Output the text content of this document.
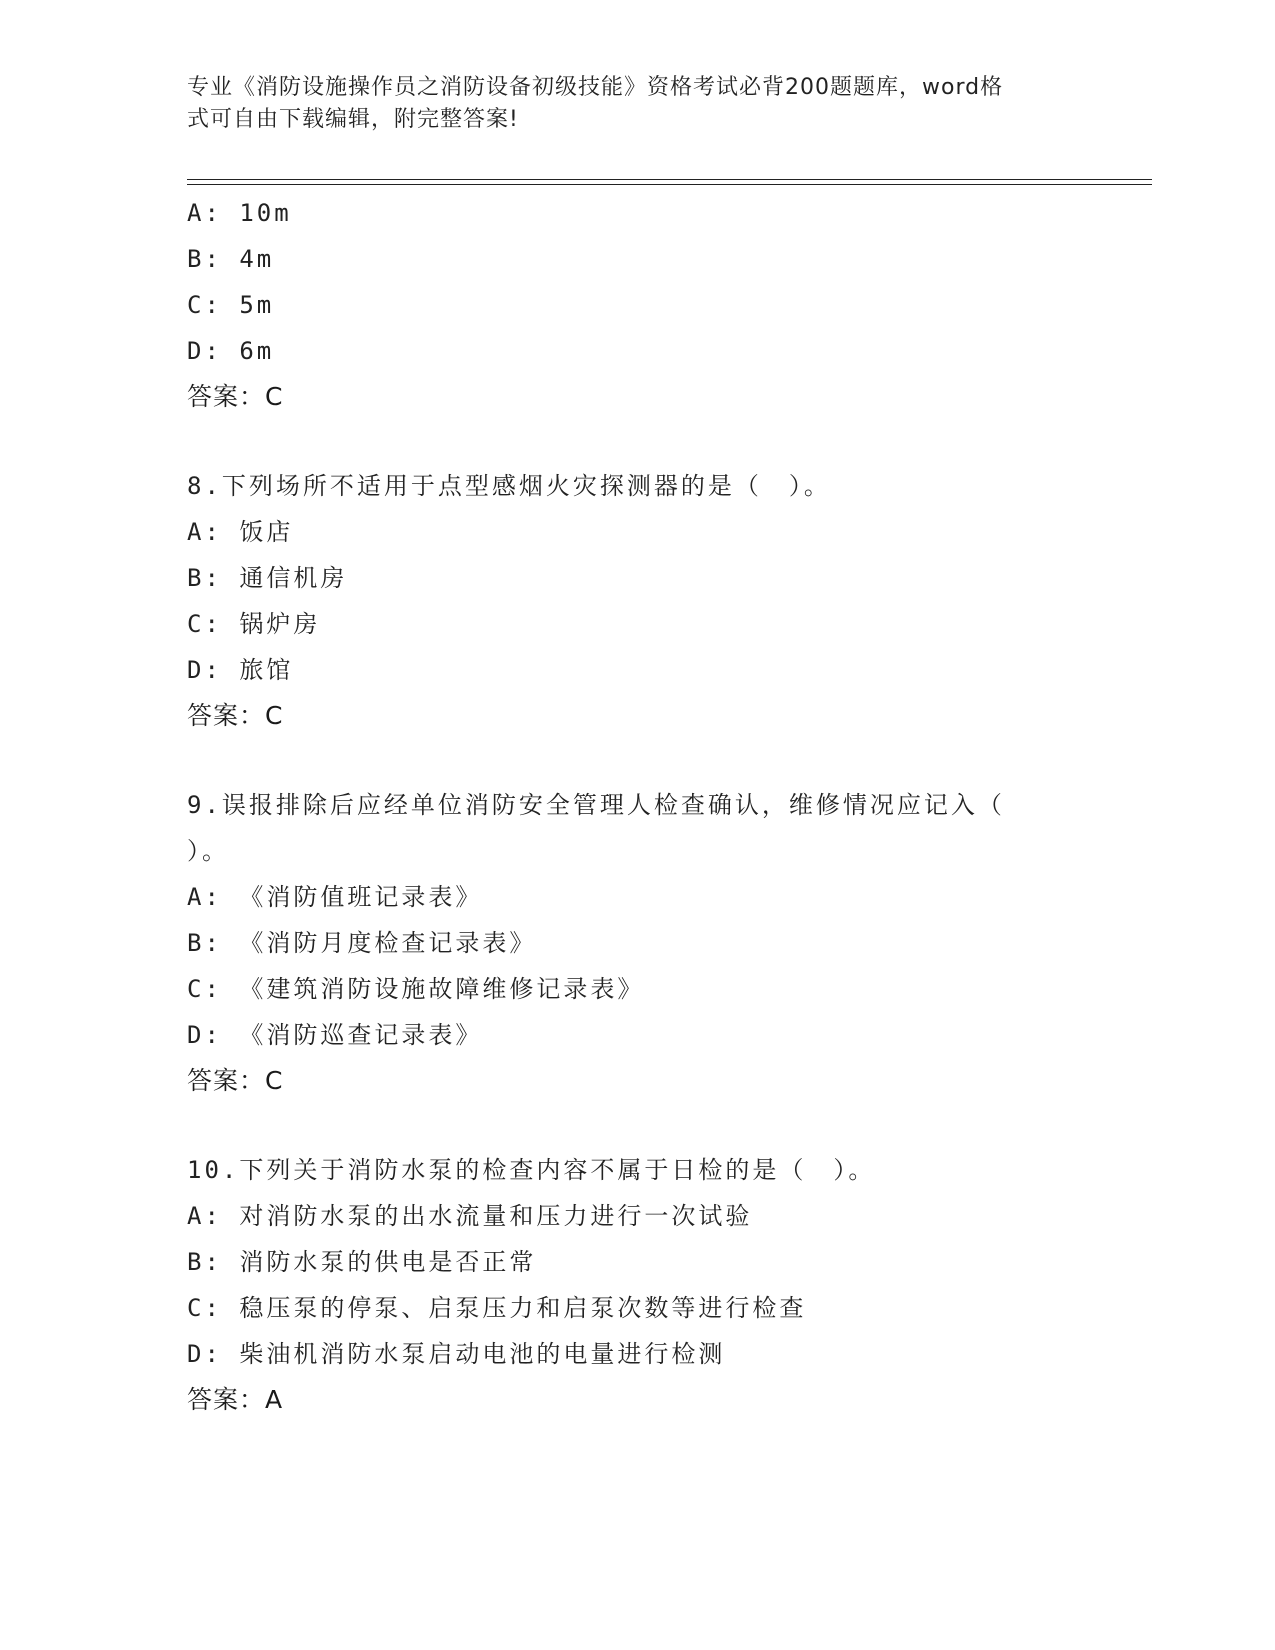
专业《消防设施操作员之消防设备初级技能》资格考试必背200题题库，word格
式可自由下载编辑，附完整答案!
A: 10m
B: 4m
C: 5m
D: 6m
答案：C
8.下列场所不适用于点型感烟火灾探测器的是（　）。
A: 饭店
B: 通信机房
C: 锅炉房
D: 旅馆
答案：C
9.误报排除后应经单位消防安全管理人检查确认，维修情况应记入（
）。
A: 《消防值班记录表》
B: 《消防月度检查记录表》
C: 《建筑消防设施故障维修记录表》
D: 《消防巡查记录表》
答案：C
10.下列关于消防水泵的检查内容不属于日检的是（　）。
A: 对消防水泵的出水流量和压力进行一次试验
B: 消防水泵的供电是否正常
C: 稳压泵的停泵、启泵压力和启泵次数等进行检查
D: 柴油机消防水泵启动电池的电量进行检测
答案：A
